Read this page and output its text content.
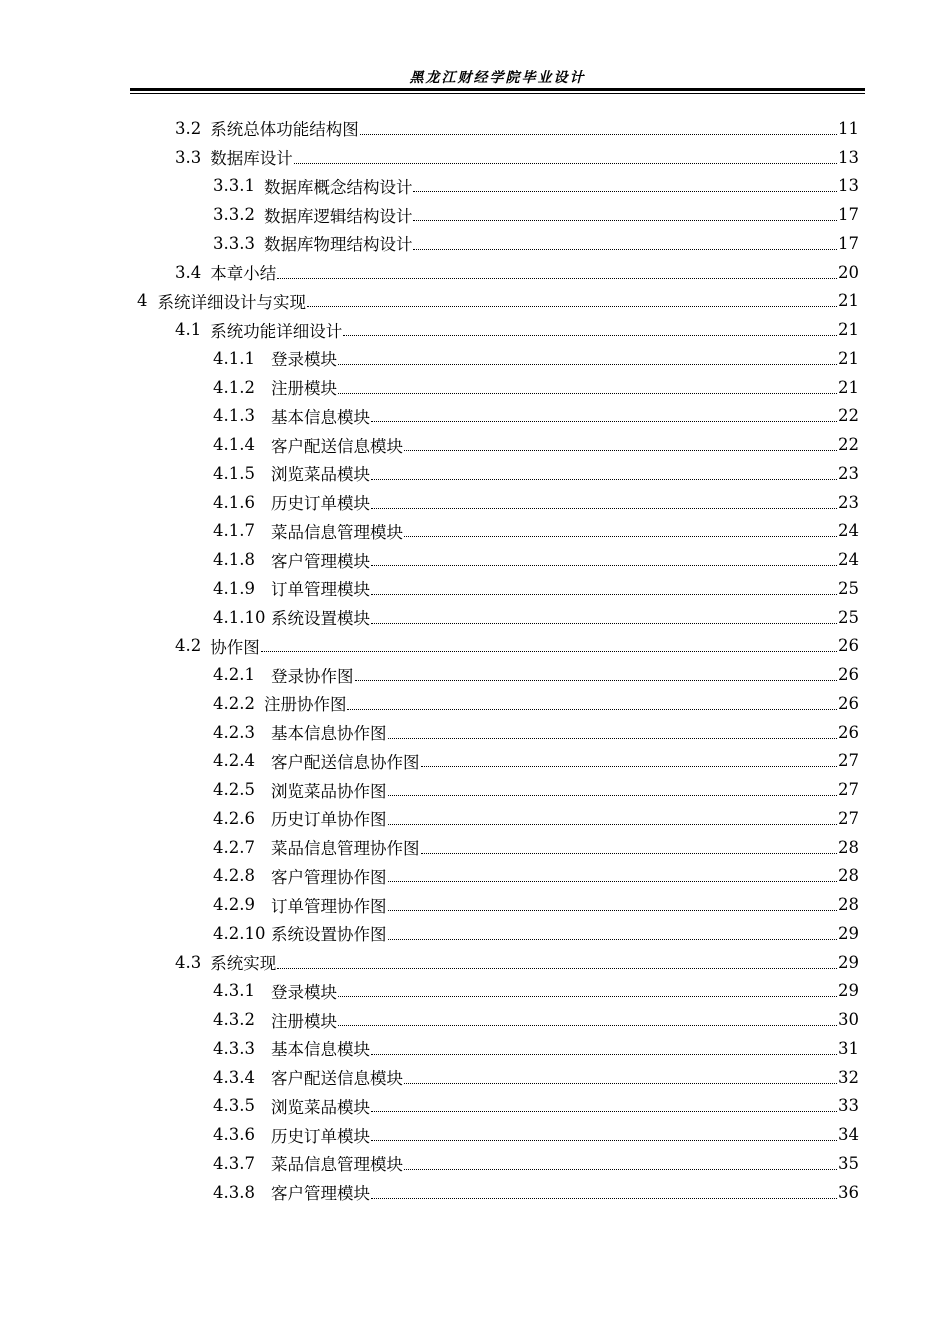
黑龙江财经学院毕业设计
3.2 系统总体功能结构图	11
3.3 数据库设计	13
3.3.1 数据库概念结构设计	13
3.3.2 数据库逻辑结构设计	17
3.3.3 数据库物理结构设计	17
3.4 本章小结	20
4 系统详细设计与实现	21
4.1 系统功能详细设计	21
4.1.1 登录模块	21
4.1.2 注册模块	21
4.1.3 基本信息模块	22
4.1.4 客户配送信息模块	22
4.1.5 浏览菜品模块	23
4.1.6 历史订单模块	23
4.1.7 菜品信息管理模块	24
4.1.8 客户管理模块	24
4.1.9 订单管理模块	25
4.1.10 系统设置模块	25
4.2 协作图	26
4.2.1 登录协作图	26
4.2.2 注册协作图	26
4.2.3 基本信息协作图	26
4.2.4 客户配送信息协作图	27
4.2.5 浏览菜品协作图	27
4.2.6 历史订单协作图	27
4.2.7 菜品信息管理协作图	28
4.2.8 客户管理协作图	28
4.2.9 订单管理协作图	28
4.2.10 系统设置协作图	29
4.3 系统实现	29
4.3.1 登录模块	29
4.3.2 注册模块	30
4.3.3 基本信息模块	31
4.3.4 客户配送信息模块	32
4.3.5 浏览菜品模块	33
4.3.6 历史订单模块	34
4.3.7 菜品信息管理模块	35
4.3.8 客户管理模块	36
